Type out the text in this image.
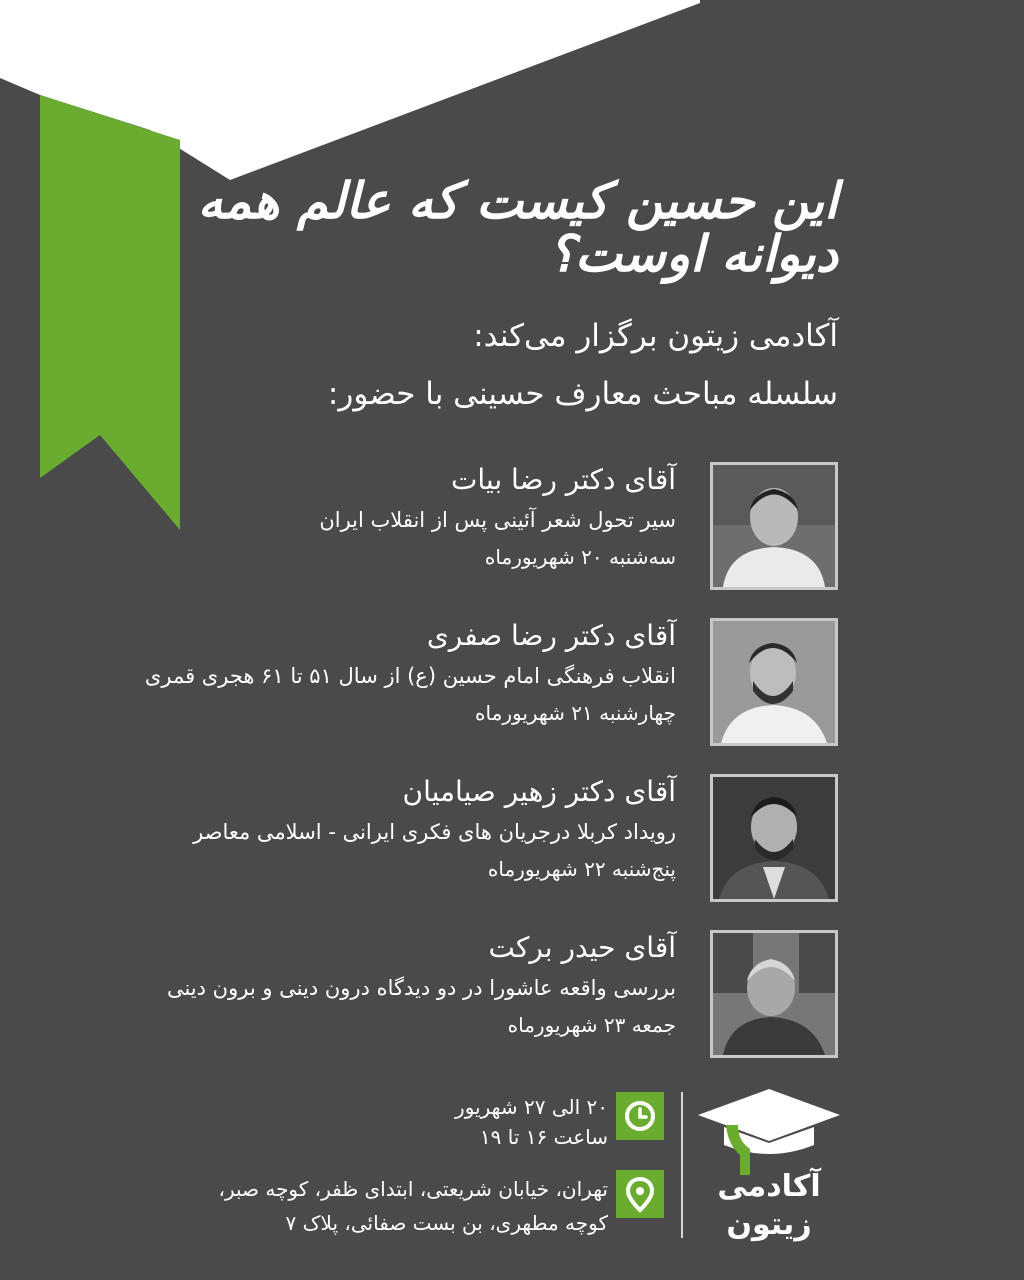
این حسین کیست که عالم همه دیوانه اوست؟
آکادمی زیتون برگزار می‌کند:
سلسله مباحث معارف حسینی با حضور:
آقای دکتر رضا بیات
سیر تحول شعر آئینی پس از انقلاب ایران
سه‌شنبه ۲۰ شهریورماه
آقای دکتر رضا صفری
انقلاب فرهنگی امام حسین (ع) از سال ۵۱ تا ۶۱ هجری قمری
چهارشنبه ۲۱ شهریورماه
آقای دکتر زهیر صیامیان
رویداد کربلا درجریان های فکری ایرانی - اسلامی معاصر
پنج‌شنبه ۲۲ شهریورماه
آقای حیدر برکت
بررسی واقعه عاشورا در دو دیدگاه درون دینی و برون دینی
جمعه ۲۳ شهریورماه
۲۰ الی ۲۷ شهریور
ساعت ۱۶ تا ۱۹
تهران، خیابان شریعتی، ابتدای ظفر، کوچه صبر،
کوچه مطهری، بن بست صفائی، پلاک ۷
آکادمی
زیتون
